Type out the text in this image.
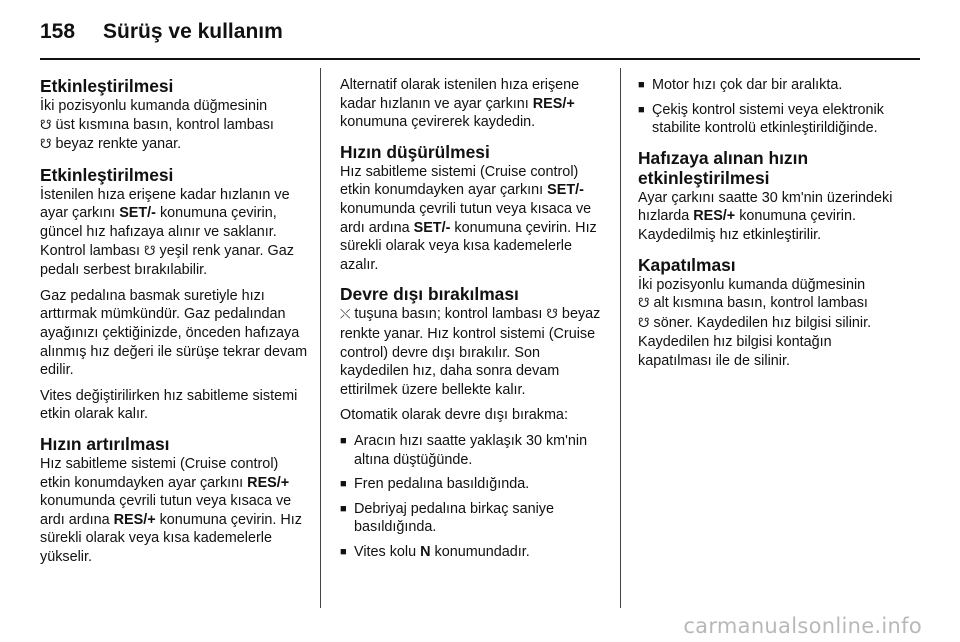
158 Sürüş ve kullanım
Etkinleştirilmesi

İki pozisyonlu kumanda düğmesinin
☋ üst kısmına basın, kontrol lambası
☋ beyaz renkte yanar.

Etkinleştirilmesi

İstenilen hıza erişene kadar hızlanın ve ayar çarkını SET/- konumuna çevirin, güncel hız hafızaya alınır ve saklanır. Kontrol lambası ☋ yeşil renk yanar. Gaz pedalı serbest bırakılabilir.

Gaz pedalına basmak suretiyle hızı arttırmak mümkündür. Gaz pedalından ayağınızı çektiğinizde, önceden hafızaya alınmış hız değeri ile sürüşe tekrar devam edilir.

Vites değiştirilirken hız sabitleme sistemi etkin olarak kalır.

Hızın artırılması

Hız sabitleme sistemi (Cruise control) etkin konumdayken ayar çarkını RES/+ konumunda çevrili tutun veya kısaca ve ardı ardına RES/+ konumuna çevirin. Hız sürekli olarak veya kısa kademelerle yükselir.

Alternatif olarak istenilen hıza erişene kadar hızlanın ve ayar çarkını RES/+ konumuna çevirerek kaydedin.

Hızın düşürülmesi

Hız sabitleme sistemi (Cruise control) etkin konumdayken ayar çarkını SET/- konumunda çevrili tutun veya kısaca ve ardı ardına SET/- konumuna çevirin. Hız sürekli olarak veya kısa kademelerle azalır.

Devre dışı bırakılması

⤬ tuşuna basın; kontrol lambası ☋ beyaz renkte yanar. Hız kontrol sistemi (Cruise control) devre dışı bırakılır. Son kaydedilen hız, daha sonra devam ettirilmek üzere bellekte kalır.

Otomatik olarak devre dışı bırakma:

■ Aracın hızı saatte yaklaşık 30 km'nin altına düştüğünde.
■ Fren pedalına basıldığında.
■ Debriyaj pedalına birkaç saniye basıldığında.
■ Vites kolu N konumundadır.
■ Motor hızı çok dar bir aralıkta.
■ Çekiş kontrol sistemi veya elektronik stabilite kontrolü etkinleştirildiğinde.
Hafızaya alınan hızın etkinleştirilmesi

Ayar çarkını saatte 30 km'nin üzerindeki hızlarda RES/+ konumuna çevirin. Kaydedilmiş hız etkinleştirilir.

Kapatılması

İki pozisyonlu kumanda düğmesinin
☋ alt kısmına basın, kontrol lambası
☋ söner. Kaydedilen hız bilgisi silinir. Kaydedilen hız bilgisi kontağın kapatılması ile de silinir.

carmanualsonline.info
